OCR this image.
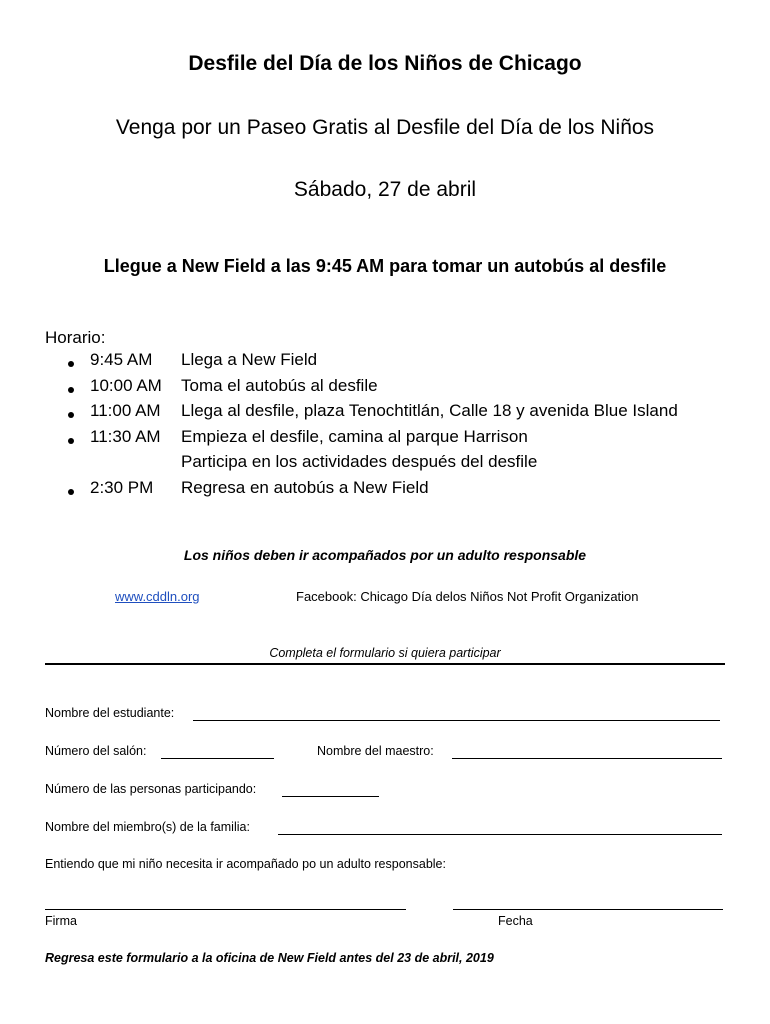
Desfile del Día de los Niños de Chicago
Venga por un Paseo Gratis al Desfile del Día de los Niños
Sábado, 27 de abril
Llegue a New Field a las 9:45 AM para tomar un autobús al desfile
Horario:
9:45 AM Llega a New Field
10:00 AM Toma el autobús al desfile
11:00 AM Llega al desfile, plaza Tenochtitlán, Calle 18 y avenida Blue Island
11:30 AM Empieza el desfile, camina al parque Harrison
Participa en los actividades después del desfile
2:30 PM Regresa en autobús a New Field
Los niños deben ir acompañados por un adulto responsable
www.cddln.org	Facebook: Chicago Día delos Niños Not Profit Organization
Completa el formulario si quiera participar
Nombre del estudiante:
Número del salón:	Nombre del maestro:
Número de las personas participando:
Nombre del miembro(s) de la familia:
Entiendo que mi niño necesita ir acompañado po un adulto responsable:
Firma	Fecha
Regresa este formulario a la oficina de New Field antes del 23 de abril, 2019
